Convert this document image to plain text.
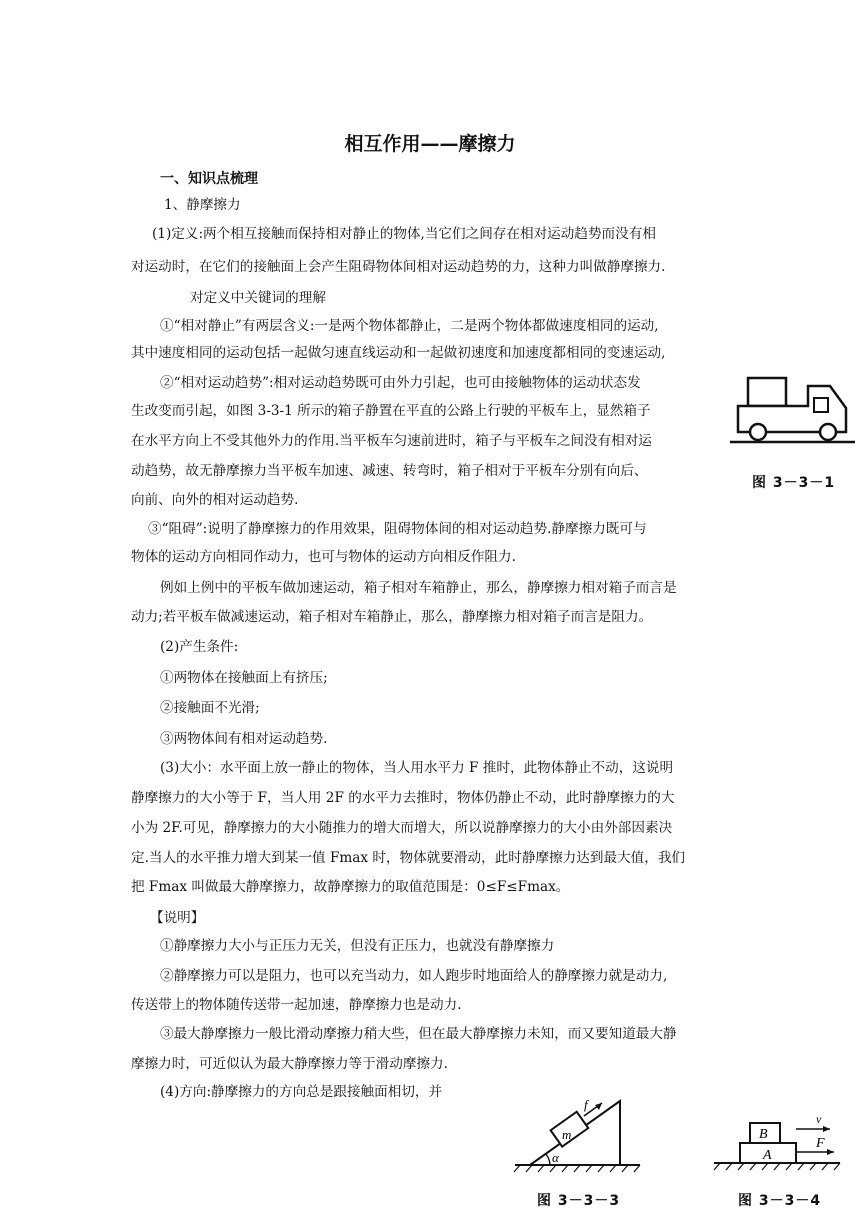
相互作用——摩擦力
一、知识点梳理
1、静摩擦力
(1)定义:两个相互接触而保持相对静止的物体,当它们之间存在相对运动趋势而没有相
对运动时，在它们的接触面上会产生阻碍物体间相对运动趋势的力，这种力叫做静摩擦力.
对定义中关键词的理解
①“相对静止”有两层含义:一是两个物体都静止，二是两个物体都做速度相同的运动,
其中速度相同的运动包括一起做匀速直线运动和一起做初速度和加速度都相同的变速运动,
②“相对运动趋势”:相对运动趋势既可由外力引起，也可由接触物体的运动状态发
生改变而引起，如图 3-3-1 所示的箱子静置在平直的公路上行驶的平板车上，显然箱子
在水平方向上不受其他外力的作用.当平板车匀速前进时，箱子与平板车之间没有相对运
动趋势，故无静摩擦力当平板车加速、减速、转弯时，箱子相对于平板车分别有向后、
向前、向外的相对运动趋势.
③“阻碍”:说明了静摩擦力的作用效果，阻碍物体间的相对运动趋势.静摩擦力既可与
物体的运动方向相同作动力，也可与物体的运动方向相反作阻力.
例如上例中的平板车做加速运动，箱子相对车箱静止，那么，静摩擦力相对箱子而言是
动力;若平板车做减速运动，箱子相对车箱静止，那么，静摩擦力相对箱子而言是阻力。
(2)产生条件:
①两物体在接触面上有挤压;
②接触面不光滑;
③两物体间有相对运动趋势.
(3)大小：水平面上放一静止的物体，当人用水平力 F 推时，此物体静止不动，这说明
静摩擦力的大小等于 F，当人用 2F 的水平力去推时，物体仍静止不动，此时静摩擦力的大
小为 2F.可见，静摩擦力的大小随推力的增大而增大，所以说静摩擦力的大小由外部因素决
定.当人的水平推力增大到某一值 Fmax 时，物体就要滑动，此时静摩擦力达到最大值，我们
把 Fmax 叫做最大静摩擦力，故静摩擦力的取值范围是：0≤F≤Fmax。
【说明】
①静摩擦力大小与正压力无关，但没有正压力，也就没有静摩擦力
②静摩擦力可以是阻力，也可以充当动力，如人跑步时地面给人的静摩擦力就是动力,
传送带上的物体随传送带一起加速，静摩擦力也是动力.
③最大静摩擦力一般比滑动摩擦力稍大些，但在最大静摩擦力未知，而又要知道最大静
摩擦力时，可近似认为最大静摩擦力等于滑动摩擦力.
(4)方向:静摩擦力的方向总是跟接触面相切，并
图 3－3－1
m
f
α
图 3－3－3
B
A
v
F
图 3－3－4
